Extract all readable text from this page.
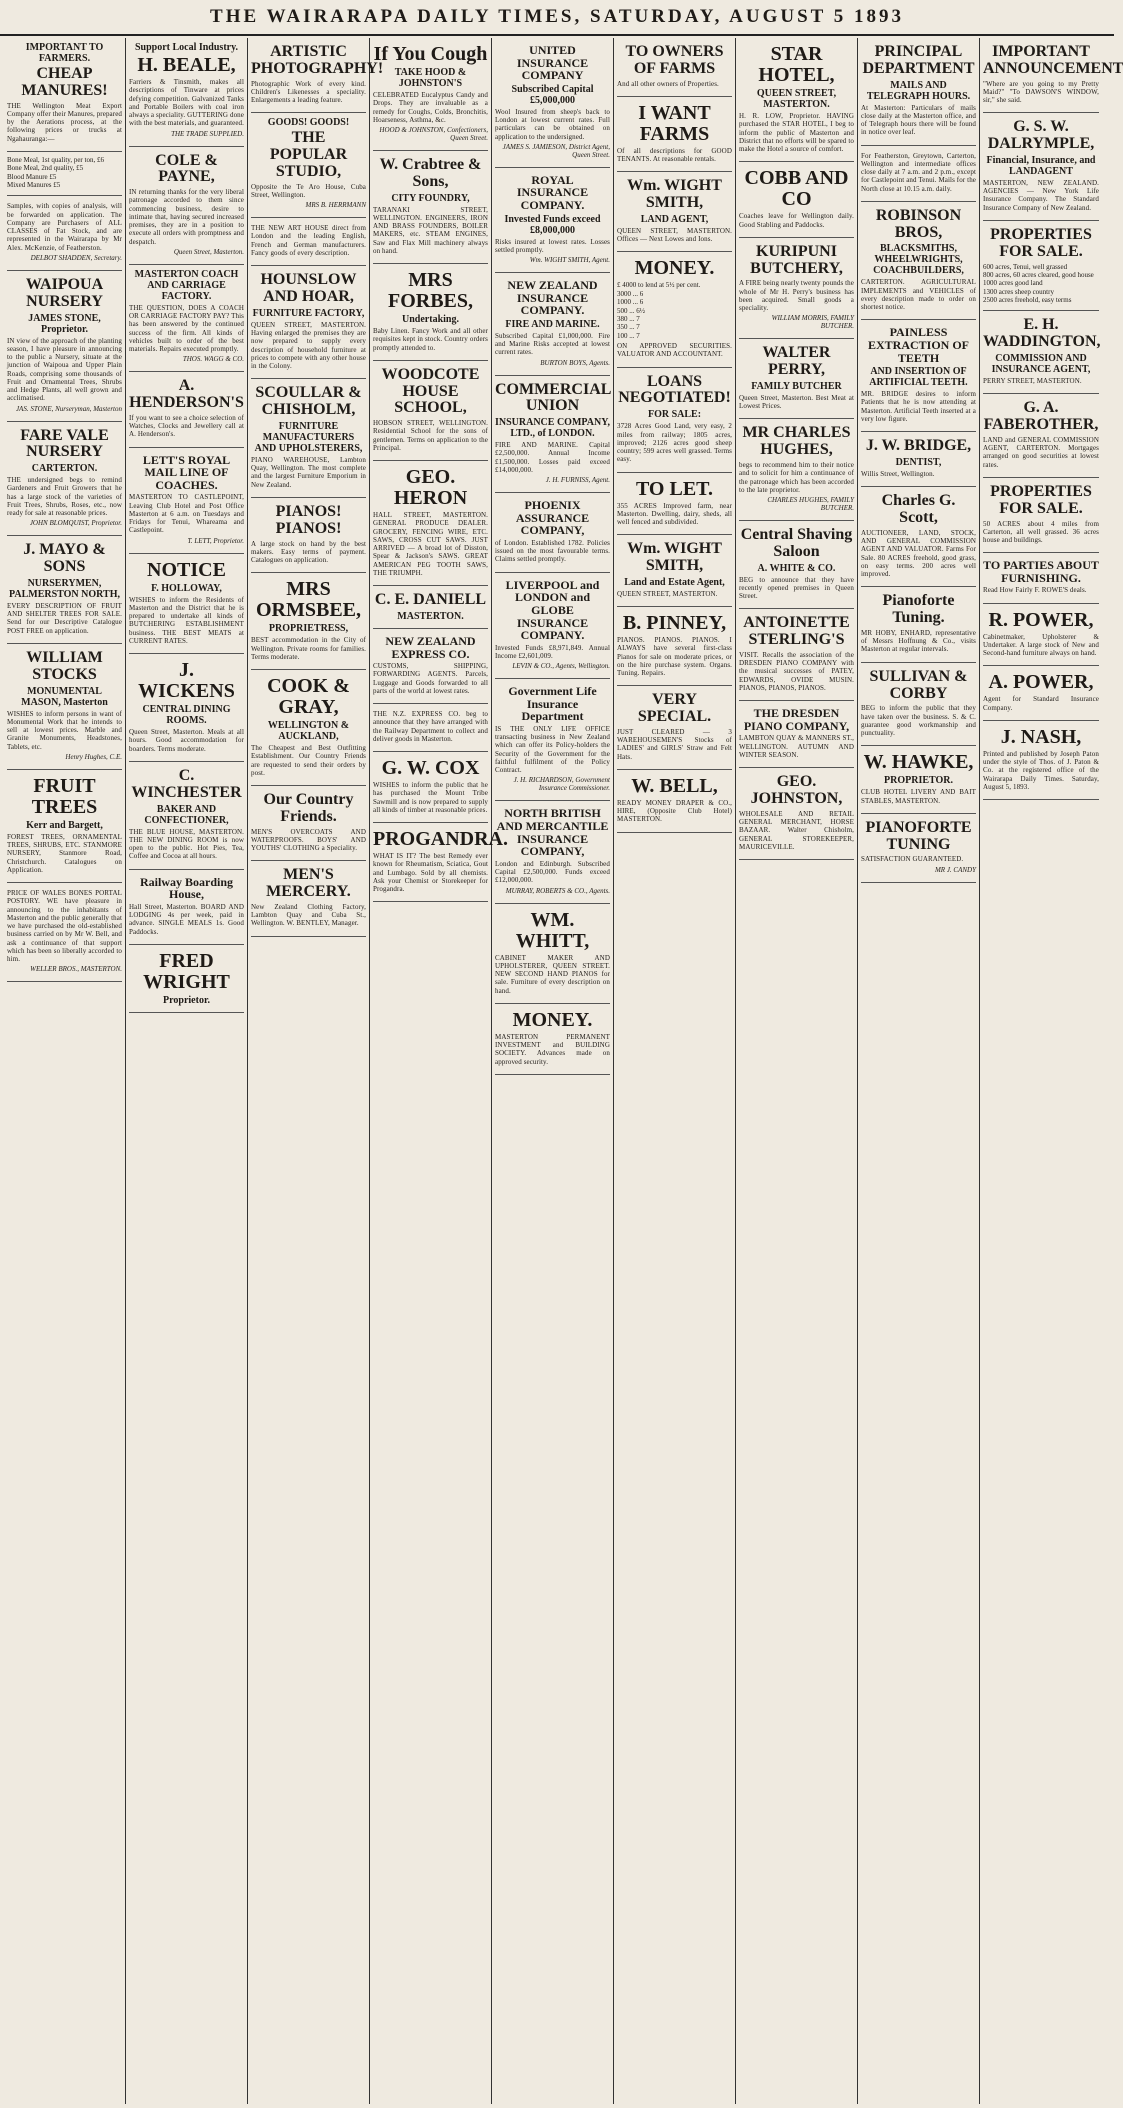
THE WAIRARAPA DAILY TIMES, SATURDAY, AUGUST 5 1893
IMPORTANT TO FARMERS.
CHEAP MANURES!
THE Wellington Meat Export Company offer their Manures, prepared by the Aerations process, at the following prices or trucks at Ngahauranga:—
Bone Meal, 1st quality, per ton, £6
Bone Meal, 2nd quality, £5
Blood Manure £5
Mixed Manures £5
Samples, with copies of analysis, will be forwarded on application. The Company are Purchasers of ALL CLASSES of Fat Stock, and are represented in the Wairarapa by Mr Alex. McKenzie, of Featherston.
DELBOT SHADDEN, Secretary.
WAIPOUA NURSERY
JAMES STONE, Proprietor.
IN view of the approach of the planting season, I have pleasure in announcing to the public a Nursery, situate at the junction of Waipoua and Upper Plain Roads, comprising some thousands of Fruit and Ornamental Trees, Shrubs and Hedge Plants, all well grown and acclimatised.
JAS. STONE, Nurseryman, Masterton
FARE VALE NURSERY
CARTERTON.
THE undersigned begs to remind Gardeners and Fruit Growers that he has a large stock of the varieties of Fruit Trees, Shrubs, Roses, etc., now ready for sale at reasonable prices.
JOHN BLOMQUIST, Proprietor.
J. MAYO & SONS
NURSERYMEN, PALMERSTON NORTH,
EVERY DESCRIPTION OF FRUIT AND SHELTER TREES FOR SALE. Send for our Descriptive Catalogue POST FREE on application.
WILLIAM STOCKS
MONUMENTAL MASON, Masterton
WISHES to inform persons in want of Monumental Work that he intends to sell at lowest prices. Marble and Granite Monuments, Headstones, Tablets, etc.
Henry Hughes, C.E.
FRUIT TREES
Kerr and Bargett,
FOREST TREES, ORNAMENTAL TREES, SHRUBS, ETC. STANMORE NURSERY, Stanmore Road, Christchurch. Catalogues on Application.
PRICE OF WALES BONES PORTAL POSTORY. WE have pleasure in announcing to the inhabitants of Masterton and the public generally that we have purchased the old-established business carried on by Mr W. Bell, and ask a continuance of that support which has been so liberally accorded to him.
WELLER BROS., MASTERTON.
Support Local Industry.
H. BEALE,
Farriers & Tinsmith, makes all descriptions of Tinware at prices defying competition. Galvanized Tanks and Portable Boilers with coal iron always a speciality. GUTTERING done with the best materials, and guaranteed.
THE TRADE SUPPLIED.
COLE & PAYNE,
IN returning thanks for the very liberal patronage accorded to them since commencing business, desire to intimate that, having secured increased premises, they are in a position to execute all orders with promptness and despatch.
Queen Street, Masterton.
MASTERTON COACH AND CARRIAGE FACTORY.
THE QUESTION, DOES A COACH OR CARRIAGE FACTORY PAY? This has been answered by the continued success of the firm. All kinds of vehicles built to order of the best materials. Repairs executed promptly.
THOS. WAGG & CO.
A. HENDERSON'S
If you want to see a choice selection of Watches, Clocks and Jewellery call at A. Henderson's.
LETT'S ROYAL MAIL LINE OF COACHES.
MASTERTON TO CASTLEPOINT, Leaving Club Hotel and Post Office Masterton at 6 a.m. on Tuesdays and Fridays for Tenui, Whareama and Castlepoint.
T. LETT, Proprietor.
NOTICE
F. HOLLOWAY,
WISHES to inform the Residents of Masterton and the District that he is prepared to undertake all kinds of BUTCHERING ESTABLISHMENT business. THE BEST MEATS at CURRENT RATES.
J. WICKENS
CENTRAL DINING ROOMS.
Queen Street, Masterton. Meals at all hours. Good accommodation for boarders. Terms moderate.
C. WINCHESTER
BAKER AND CONFECTIONER,
THE BLUE HOUSE, MASTERTON. THE NEW DINING ROOM is now open to the public. Hot Pies, Tea, Coffee and Cocoa at all hours.
Railway Boarding House,
Hall Street, Masterton. BOARD AND LODGING 4s per week, paid in advance. SINGLE MEALS 1s. Good Paddocks.
FRED WRIGHT
Proprietor.
ARTISTIC PHOTOGRAPHY!
Photographic Work of every kind. Children's Likenesses a speciality. Enlargements a leading feature.
GOODS! GOODS!
THE POPULAR STUDIO,
Opposite the Te Aro House, Cuba Street, Wellington.
MRS B. HERRMANN
THE NEW ART HOUSE direct from London and the leading English, French and German manufacturers. Fancy goods of every description.
HOUNSLOW AND HOAR,
FURNITURE FACTORY,
QUEEN STREET, MASTERTON. Having enlarged the premises they are now prepared to supply every description of household furniture at prices to compete with any other house in the Colony.
SCOULLAR & CHISHOLM,
FURNITURE MANUFACTURERS AND UPHOLSTERERS,
PIANO WAREHOUSE, Lambton Quay, Wellington. The most complete and the largest Furniture Emporium in New Zealand.
PIANOS! PIANOS!
A large stock on hand by the best makers. Easy terms of payment. Catalogues on application.
MRS ORMSBEE,
PROPRIETRESS,
BEST accommodation in the City of Wellington. Private rooms for families. Terms moderate.
COOK & GRAY,
WELLINGTON & AUCKLAND,
The Cheapest and Best Outfitting Establishment. Our Country Friends are requested to send their orders by post.
Our Country Friends.
MEN'S OVERCOATS AND WATERPROOFS. BOYS' AND YOUTHS' CLOTHING a Speciality.
MEN'S MERCERY.
New Zealand Clothing Factory, Lambton Quay and Cuba St., Wellington. W. BENTLEY, Manager.
If You Cough
TAKE HOOD & JOHNSTON'S
CELEBRATED Eucalyptus Candy and Drops. They are invaluable as a remedy for Coughs, Colds, Bronchitis, Hoarseness, Asthma, &c.
HOOD & JOHNSTON, Confectioners, Queen Street.
W. Crabtree & Sons,
CITY FOUNDRY,
TARANAKI STREET, WELLINGTON. ENGINEERS, IRON AND BRASS FOUNDERS, BOILER MAKERS, etc. STEAM ENGINES, Saw and Flax Mill machinery always on hand.
MRS FORBES,
Undertaking.
Baby Linen. Fancy Work and all other requisites kept in stock. Country orders promptly attended to.
WOODCOTE HOUSE SCHOOL,
HOBSON STREET, WELLINGTON. Residential School for the sons of gentlemen. Terms on application to the Principal.
GEO. HERON
HALL STREET, MASTERTON. GENERAL PRODUCE DEALER. GROCERY, FENCING WIRE, ETC. SAWS, CROSS CUT SAWS. JUST ARRIVED — A broad lot of Disston, Spear & Jackson's SAWS. GREAT AMERICAN PEG TOOTH SAWS, THE TRIUMPH.
C. E. DANIELL
MASTERTON.
NEW ZEALAND EXPRESS CO.
CUSTOMS, SHIPPING, FORWARDING AGENTS. Parcels, Luggage and Goods forwarded to all parts of the world at lowest rates.
THE N.Z. EXPRESS CO. beg to announce that they have arranged with the Railway Department to collect and deliver goods in Masterton.
G. W. COX
WISHES to inform the public that he has purchased the Mount Tribe Sawmill and is now prepared to supply all kinds of timber at reasonable prices.
PROGANDRA.
WHAT IS IT? The best Remedy ever known for Rheumatism, Sciatica, Gout and Lumbago. Sold by all chemists. Ask your Chemist or Storekeeper for Progandra.
UNITED INSURANCE COMPANY
Subscribed Capital £5,000,000
Wool Insured from sheep's back to London at lowest current rates. Full particulars can be obtained on application to the undersigned.
JAMES S. JAMIESON, District Agent, Queen Street.
ROYAL INSURANCE COMPANY.
Invested Funds exceed £8,000,000
Risks insured at lowest rates. Losses settled promptly.
Wm. WIGHT SMITH, Agent.
NEW ZEALAND INSURANCE COMPANY.
FIRE AND MARINE.
Subscribed Capital £1,000,000. Fire and Marine Risks accepted at lowest current rates.
BURTON BOYS, Agents.
COMMERCIAL UNION
INSURANCE COMPANY, LTD., of LONDON.
FIRE AND MARINE. Capital £2,500,000. Annual Income £1,500,000. Losses paid exceed £14,000,000.
J. H. FURNISS, Agent.
PHOENIX ASSURANCE COMPANY,
of London. Established 1782. Policies issued on the most favourable terms. Claims settled promptly.
LIVERPOOL and LONDON and GLOBE INSURANCE COMPANY.
Invested Funds £8,971,849. Annual Income £2,601,009.
LEVIN & CO., Agents, Wellington.
Government Life Insurance Department
IS THE ONLY LIFE OFFICE transacting business in New Zealand which can offer its Policy-holders the Security of the Government for the faithful fulfilment of the Policy Contract.
J. H. RICHARDSON, Government Insurance Commissioner.
NORTH BRITISH AND MERCANTILE INSURANCE COMPANY,
London and Edinburgh. Subscribed Capital £2,500,000. Funds exceed £12,000,000.
MURRAY, ROBERTS & CO., Agents.
WM. WHITT,
CABINET MAKER AND UPHOLSTERER, QUEEN STREET. NEW SECOND HAND PIANOS for sale. Furniture of every description on hand.
MONEY.
MASTERTON PERMANENT INVESTMENT and BUILDING SOCIETY. Advances made on approved security.
TO OWNERS OF FARMS
And all other owners of Properties.
I WANT FARMS
Of all descriptions for GOOD TENANTS. At reasonable rentals.
Wm. WIGHT SMITH,
LAND AGENT,
QUEEN STREET, MASTERTON. Offices — Next Lowes and Ions.
MONEY.
£ 4000 to lend at 5½ per cent.
3000 ... 6
1000 ... 6
500 ... 6½
380 ... 7
350 ... 7
100 ... 7
ON APPROVED SECURITIES. VALUATOR AND ACCOUNTANT.
LOANS NEGOTIATED!
FOR SALE:
3728 Acres Good Land, very easy, 2 miles from railway; 1805 acres, improved; 2126 acres good sheep country; 599 acres well grassed. Terms easy.
TO LET.
355 ACRES Improved farm, near Masterton. Dwelling, dairy, sheds, all well fenced and subdivided.
Wm. WIGHT SMITH,
Land and Estate Agent,
QUEEN STREET, MASTERTON.
B. PINNEY,
PIANOS. PIANOS. PIANOS. I ALWAYS have several first-class Pianos for sale on moderate prices, or on the hire purchase system. Organs. Tuning. Repairs.
VERY SPECIAL.
JUST CLEARED — 3 WAREHOUSEMEN'S Stocks of LADIES' and GIRLS' Straw and Felt Hats.
W. BELL,
READY MONEY DRAPER & CO., HIRE, (Opposite Club Hotel) MASTERTON.
STAR HOTEL,
QUEEN STREET, MASTERTON.
H. R. LOW, Proprietor. HAVING purchased the STAR HOTEL, I beg to inform the public of Masterton and District that no efforts will be spared to make the Hotel a source of comfort.
COBB AND CO
Coaches leave for Wellington daily. Good Stabling and Paddocks.
KURIPUNI BUTCHERY,
A FIRE being nearly twenty pounds the whole of Mr H. Perry's business has been acquired. Small goods a speciality.
WILLIAM MORRIS, FAMILY BUTCHER.
WALTER PERRY,
FAMILY BUTCHER
Queen Street, Masterton. Best Meat at Lowest Prices.
MR CHARLES HUGHES,
begs to recommend him to their notice and to solicit for him a continuance of the patronage which has been accorded to the late proprietor.
CHARLES HUGHES, FAMILY BUTCHER.
Central Shaving Saloon
A. WHITE & CO.
BEG to announce that they have recently opened premises in Queen Street.
ANTOINETTE STERLING'S
VISIT. Recalls the association of the DRESDEN PIANO COMPANY with the musical successes of PATEY, EDWARDS, OVIDE MUSIN. PIANOS, PIANOS, PIANOS.
THE DRESDEN PIANO COMPANY,
LAMBTON QUAY & MANNERS ST., WELLINGTON. AUTUMN AND WINTER SEASON.
GEO. JOHNSTON,
WHOLESALE AND RETAIL GENERAL MERCHANT, HORSE BAZAAR. Walter Chisholm, GENERAL STOREKEEPER, MAURICEVILLE.
PRINCIPAL DEPARTMENT
MAILS AND TELEGRAPH HOURS.
At Masterton: Particulars of mails close daily at the Masterton office, and of Telegraph hours there will be found in notice over leaf.
For Featherston, Greytown, Carterton, Wellington and intermediate offices close daily at 7 a.m. and 2 p.m., except for Castlepoint and Tenui. Mails for the North close at 10.15 a.m. daily.
ROBINSON BROS,
BLACKSMITHS, WHEELWRIGHTS, COACHBUILDERS,
CARTERTON. AGRICULTURAL IMPLEMENTS and VEHICLES of every description made to order on shortest notice.
PAINLESS EXTRACTION OF TEETH
AND INSERTION OF ARTIFICIAL TEETH.
MR. BRIDGE desires to inform Patients that he is now attending at Masterton. Artificial Teeth inserted at a very low figure.
J. W. BRIDGE,
DENTIST,
Willis Street, Wellington.
Charles G. Scott,
AUCTIONEER, LAND, STOCK, AND GENERAL COMMISSION AGENT AND VALUATOR. Farms For Sale. 80 ACRES freehold, good grass, on easy terms. 200 acres well improved.
Pianoforte Tuning.
MR HOBY, ENHARD, representative of Messrs Hoffnung & Co., visits Masterton at regular intervals.
SULLIVAN & CORBY
BEG to inform the public that they have taken over the business. S. & C. guarantee good workmanship and punctuality.
W. HAWKE,
PROPRIETOR.
CLUB HOTEL LIVERY AND BAIT STABLES, MASTERTON.
PIANOFORTE TUNING
SATISFACTION GUARANTEED.
MR J. CANDY
IMPORTANT ANNOUNCEMENT
"Where are you going to my Pretty Maid?" "To DAWSON'S WINDOW, sir," she said.
G. S. W. DALRYMPLE,
Financial, Insurance, and LANDAGENT
MASTERTON, NEW ZEALAND. AGENCIES — New York Life Insurance Company. The Standard Insurance Company of New Zealand.
PROPERTIES FOR SALE.
600 acres, Tenui, well grassed
800 acres, 60 acres cleared, good house
1000 acres good land
1300 acres sheep country
2500 acres freehold, easy terms
E. H. WADDINGTON,
COMMISSION AND INSURANCE AGENT,
PERRY STREET, MASTERTON.
G. A. FABEROTHER,
LAND and GENERAL COMMISSION AGENT, CARTERTON. Mortgages arranged on good securities at lowest rates.
PROPERTIES FOR SALE.
50 ACRES about 4 miles from Carterton, all well grassed. 36 acres house and buildings.
TO PARTIES ABOUT FURNISHING.
Read How Fairly F. ROWE'S deals.
R. POWER,
Cabinetmaker, Upholsterer & Undertaker. A large stock of New and Second-hand furniture always on hand.
A. POWER,
Agent for Standard Insurance Company.
J. NASH,
Printed and published by Joseph Paton under the style of Thos. of J. Paton & Co. at the registered office of the Wairarapa Daily Times. Saturday, August 5, 1893.
